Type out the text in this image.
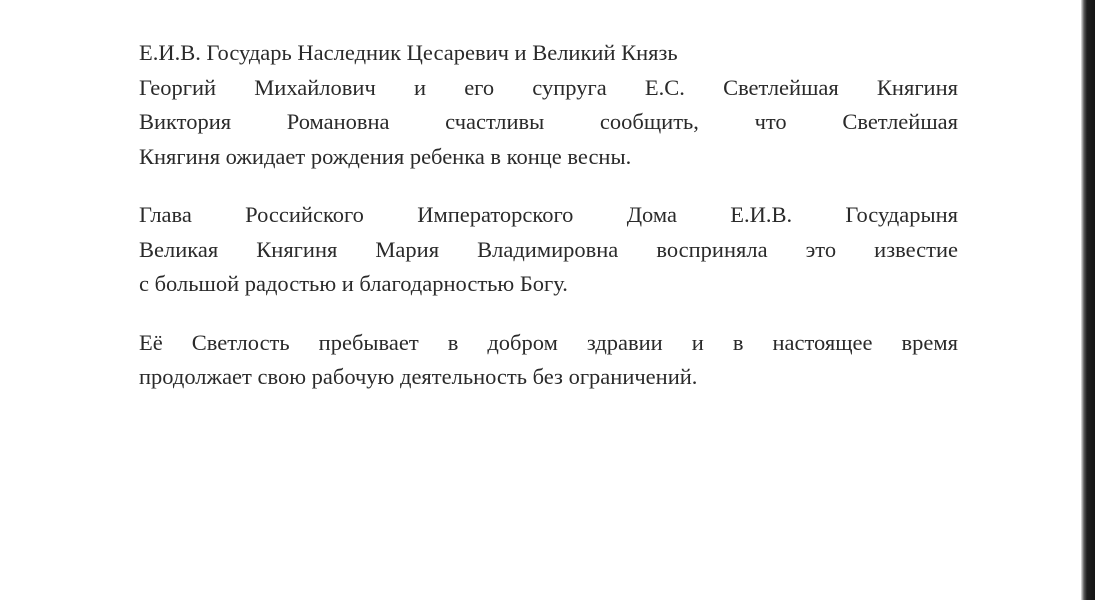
Е.И.В. Государь Наследник Цесаревич и Великий Князь
Георгий Михайлович и его супруга Е.С. Светлейшая Княгиня
Виктория Романовна счастливы сообщить, что Светлейшая
Княгиня ожидает рождения ребенка в конце весны.

Глава Российского Императорского Дома Е.И.В. Государыня
Великая Княгиня Мария Владимировна восприняла это известие
с большой радостью и благодарностью Богу.

Её Светлость пребывает в добром здравии и в настоящее время
продолжает свою рабочую деятельность без ограничений.
